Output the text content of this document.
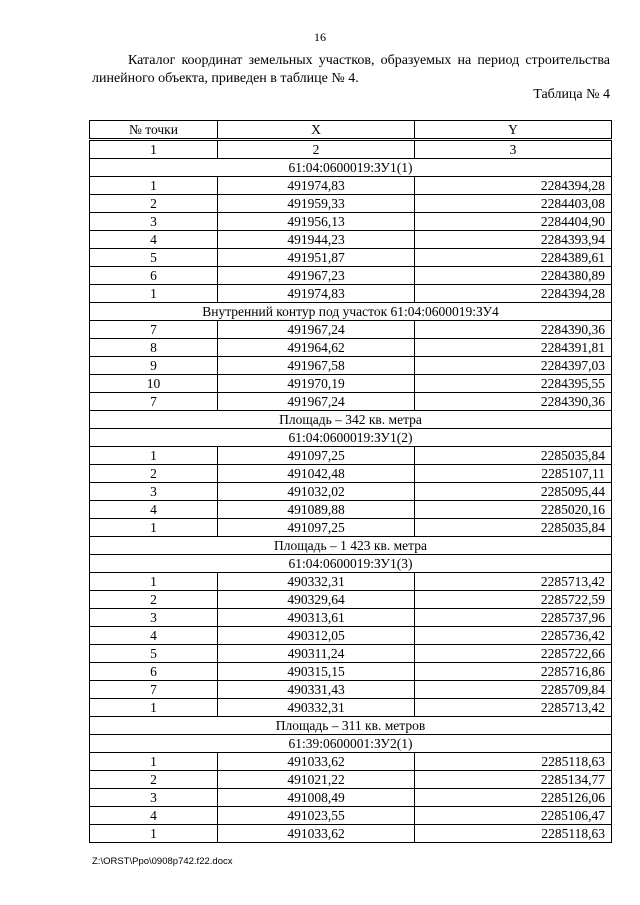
16
Каталог координат земельных участков, образуемых на период строительства линейного объекта, приведен в таблице № 4.
Таблица № 4
№ точки	X	Y
1	2	3
61:04:0600019:ЗУ1(1)		
1	491974,83	2284394,28
2	491959,33	2284403,08
3	491956,13	2284404,90
4	491944,23	2284393,94
5	491951,87	2284389,61
6	491967,23	2284380,89
1	491974,83	2284394,28
Внутренний контур под участок 61:04:0600019:ЗУ4		
7	491967,24	2284390,36
8	491964,62	2284391,81
9	491967,58	2284397,03
10	491970,19	2284395,55
7	491967,24	2284390,36
Площадь – 342 кв. метра		
61:04:0600019:ЗУ1(2)		
1	491097,25	2285035,84
2	491042,48	2285107,11
3	491032,02	2285095,44
4	491089,88	2285020,16
1	491097,25	2285035,84
Площадь – 1 423 кв. метра		
61:04:0600019:ЗУ1(3)		
1	490332,31	2285713,42
2	490329,64	2285722,59
3	490313,61	2285737,96
4	490312,05	2285736,42
5	490311,24	2285722,66
6	490315,15	2285716,86
7	490331,43	2285709,84
1	490332,31	2285713,42
Площадь – 311 кв. метров		
61:39:0600001:ЗУ2(1)		
1	491033,62	2285118,63
2	491021,22	2285134,77
3	491008,49	2285126,06
4	491023,55	2285106,47
1	491033,62	2285118,63
Z:\ORST\Ppo\0908p742.f22.docx
